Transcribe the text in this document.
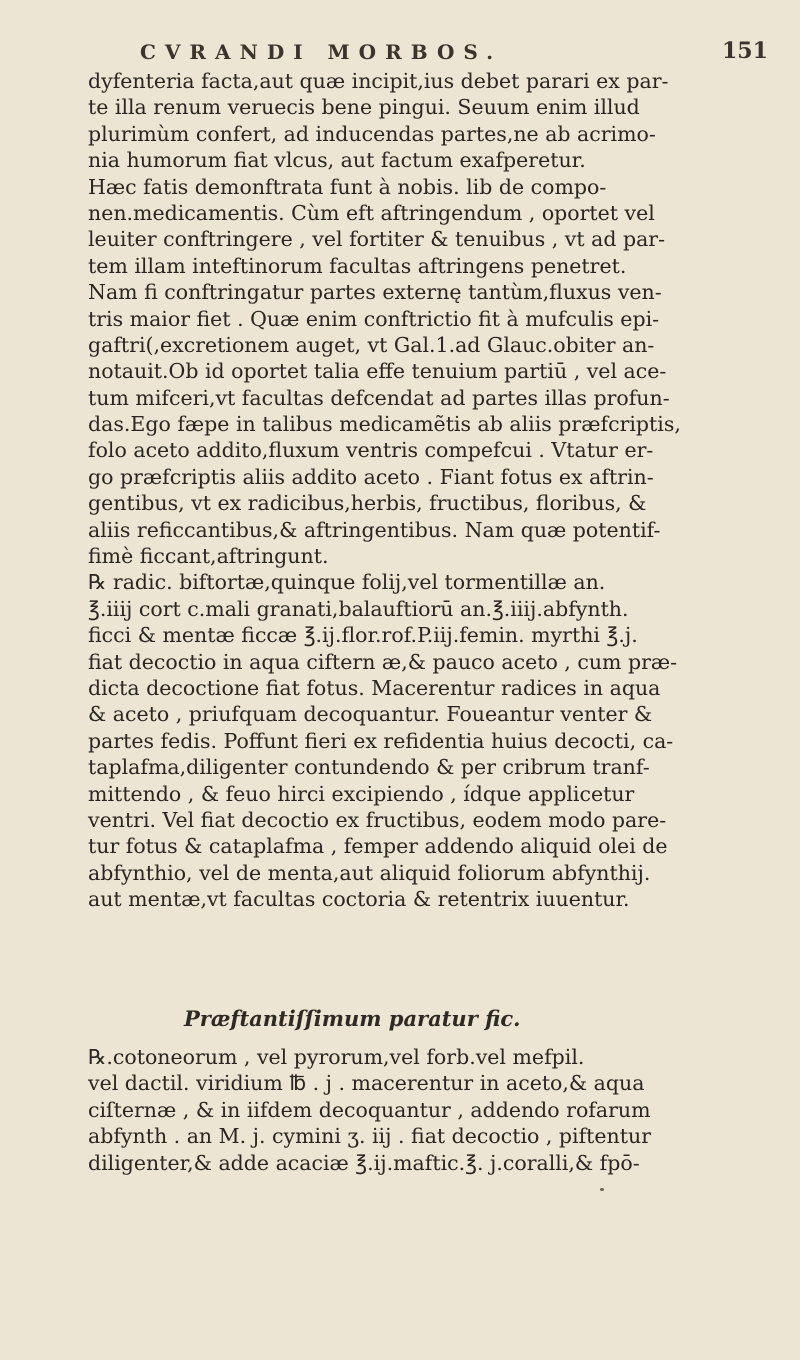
CVRANDI MORBOS.	151
dyfenteria facta,aut quæ incipit,ius debet parari ex par-
te illa renum veruecis bene pingui. Seuum enim illud
plurimùm confert, ad inducendas partes,ne ab acrimo-
nia humorum fiat vlcus, aut factum exafperetur.
Hæc fatis demonftrata funt à nobis. lib de compo-
nen.medicamentis. Cùm eft aftringendum , oportet vel
leuiter conftringere , vel fortiter & tenuibus , vt ad par-
tem illam inteftinorum facultas aftringens penetret.
Nam fi conftringatur partes externę tantùm,fluxus ven-
tris maior fiet . Quæ enim conftrictio fit à mufculis epi-
gaftri(,excretionem auget, vt Gal.1.ad Glauc.obiter an-
notauit.Ob id oportet talia effe tenuium partiū , vel ace-
tum mifceri,vt facultas defcendat ad partes illas profun-
das.Ego fæpe in talibus medicamẽtis ab aliis præfcriptis,
folo aceto addito,fluxum ventris compefcui . Vtatur er-
go præfcriptis aliis addito aceto . Fiant fotus ex aftrin-
gentibus, vt ex radicibus,herbis, fructibus, floribus, &
aliis reficcantibus,& aftringentibus. Nam quæ potentif-
fimè ficcant,aftringunt.
℞ radic. biftortæ,quinque folij,vel tormentillæ an.
℥.iiij cort c.mali granati,balauftiorū an.℥.iiij.abfynth.
ficci & mentæ ficcæ ℥.ij.flor.rof.P.iij.femin. myrthi ℥.j.
fiat decoctio in aqua ciftern æ,& pauco aceto , cum præ-
dicta decoctione fiat fotus. Macerentur radices in aqua
& aceto , priufquam decoquantur. Foueantur venter &
partes fedis. Poffunt fieri ex refidentia huius decocti, ca-
taplafma,diligenter contundendo & per cribrum tranf-
mittendo , & feuo hirci excipiendo , ídque applicetur
ventri. Vel fiat decoctio ex fructibus, eodem modo pare-
tur fotus & cataplafma , femper addendo aliquid olei de
abfynthio, vel de menta,aut aliquid foliorum abfynthij.
aut mentæ,vt facultas coctoria & retentrix iuuentur.
Præftantiſſimum paratur fic.
℞.cotoneorum , vel pyrorum,vel forb.vel mefpil.
vel dactil. viridium ℔ . j . macerentur in aceto,& aqua
ciſternæ , & in iifdem decoquantur , addendo rofarum
abfynth . an M. j. cymini ʒ. iij . fiat decoctio , piftentur
diligenter,& adde acaciæ ℥.ij.maftic.℥. j.coralli,& fpō-
